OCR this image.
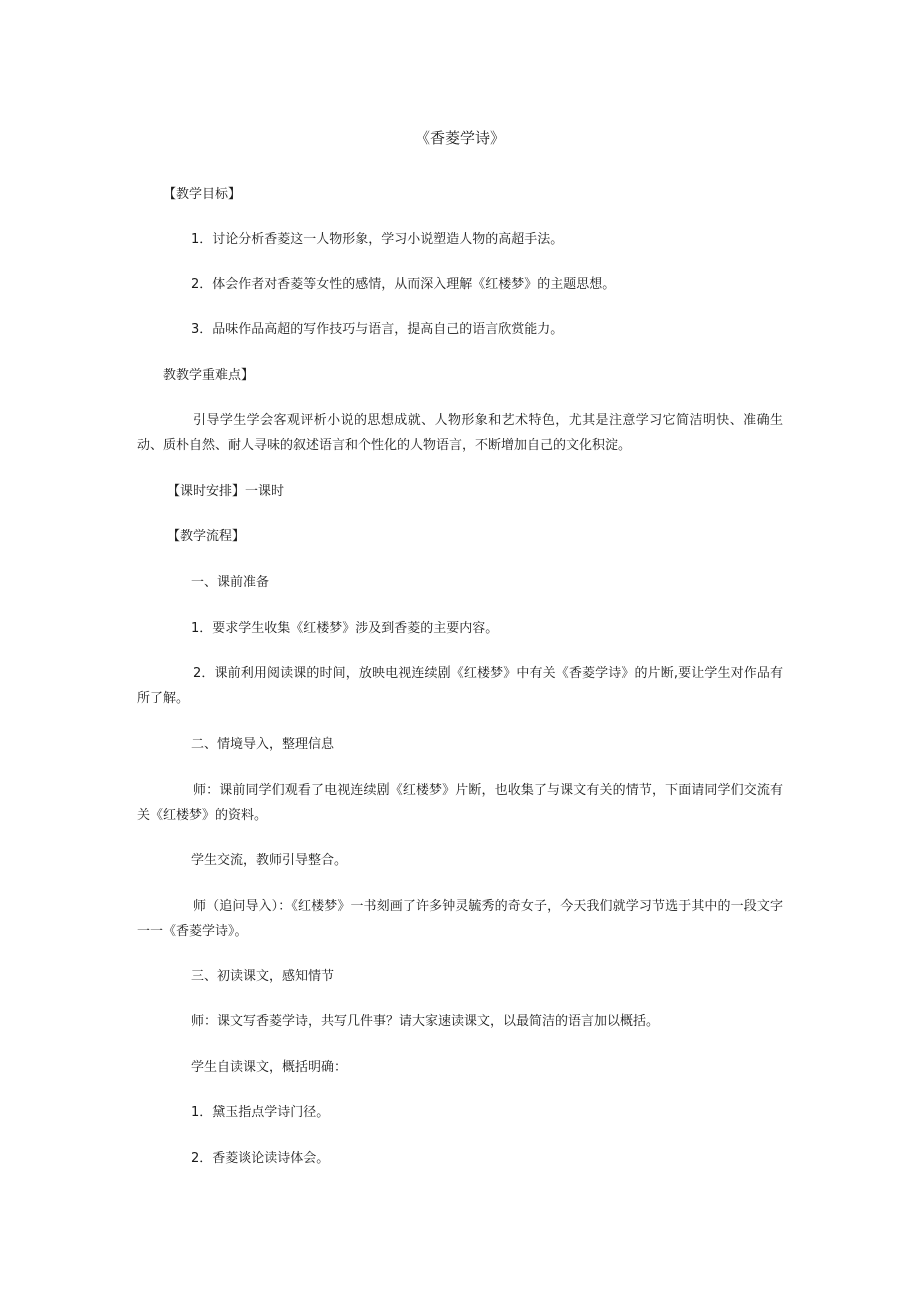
《香菱学诗》

【教学目标】

1．讨论分析香菱这一人物形象，学习小说塑造人物的高超手法。

2．体会作者对香菱等女性的感情，从而深入理解《红楼梦》的主题思想。

3．品味作品高超的写作技巧与语言，提高自己的语言欣赏能力。

教教学重难点】

引导学生学会客观评析小说的思想成就、人物形象和艺术特色，尤其是注意学习它简洁明快、准确生动、质朴自然、耐人寻味的叙述语言和个性化的人物语言，不断增加自己的文化积淀。

【课时安排】一课时

【教学流程】

一、课前准备

1．要求学生收集《红楼梦》涉及到香菱的主要内容。

2．课前利用阅读课的时间，放映电视连续剧《红楼梦》中有关《香菱学诗》的片断,要让学生对作品有所了解。

二、情境导入，整理信息

师：课前同学们观看了电视连续剧《红楼梦》片断，也收集了与课文有关的情节，下面请同学们交流有关《红楼梦》的资料。

学生交流，教师引导整合。

师（追问导入）：《红楼梦》一书刻画了许多钟灵毓秀的奇女子，今天我们就学习节选于其中的一段文字一一《香菱学诗》。

三、初读课文，感知情节

师：课文写香菱学诗，共写几件事？请大家速读课文，以最简洁的语言加以概括。

学生自读课文，概括明确：

1．黛玉指点学诗门径。

2．香菱谈论读诗体会。
